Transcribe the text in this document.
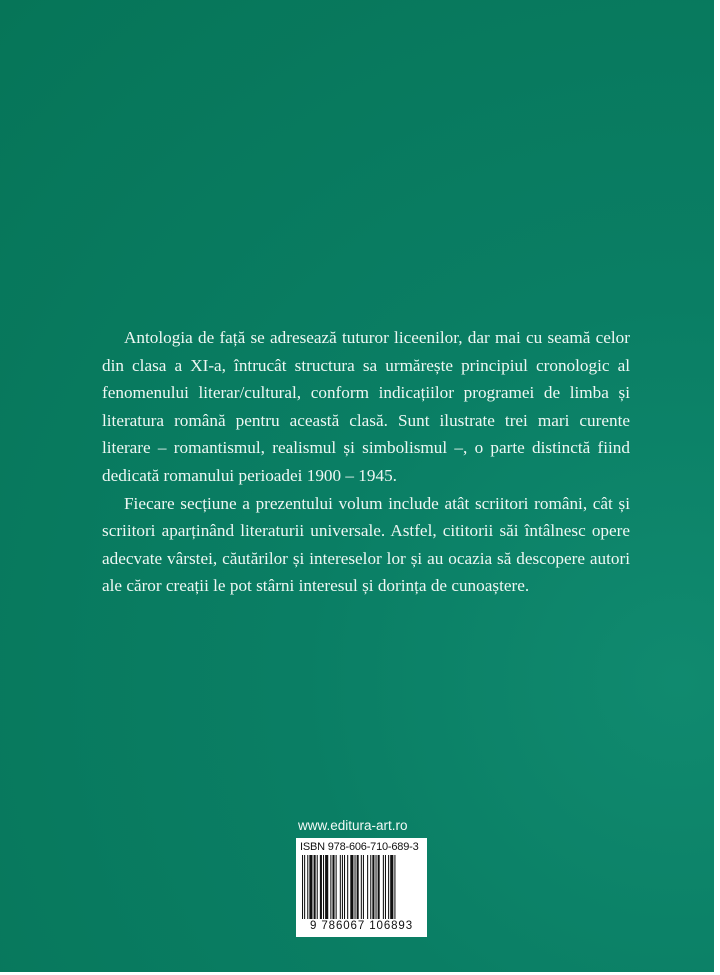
Antologia de față se adresează tuturor liceenilor, dar mai cu seamă celor din clasa a XI-a, întrucât structura sa urmărește principiul cronologic al fenomenului literar/cultural, conform indicațiilor programei de limba și literatura română pentru această clasă. Sunt ilustrate trei mari curente literare – romantismul, realismul și simbolismul –, o parte distinctă fiind dedicată romanului perioadei 1900 – 1945.

Fiecare secțiune a prezentului volum include atât scriitori români, cât și scriitori aparținând literaturii universale. Astfel, cititorii săi întâlnesc opere adecvate vârstei, căutărilor și intereselor lor și au ocazia să descopere autori ale căror creații le pot stârni interesul și dorința de cunoaștere.

www.editura-art.ro
ISBN 978-606-710-689-3
9 786067 106893
